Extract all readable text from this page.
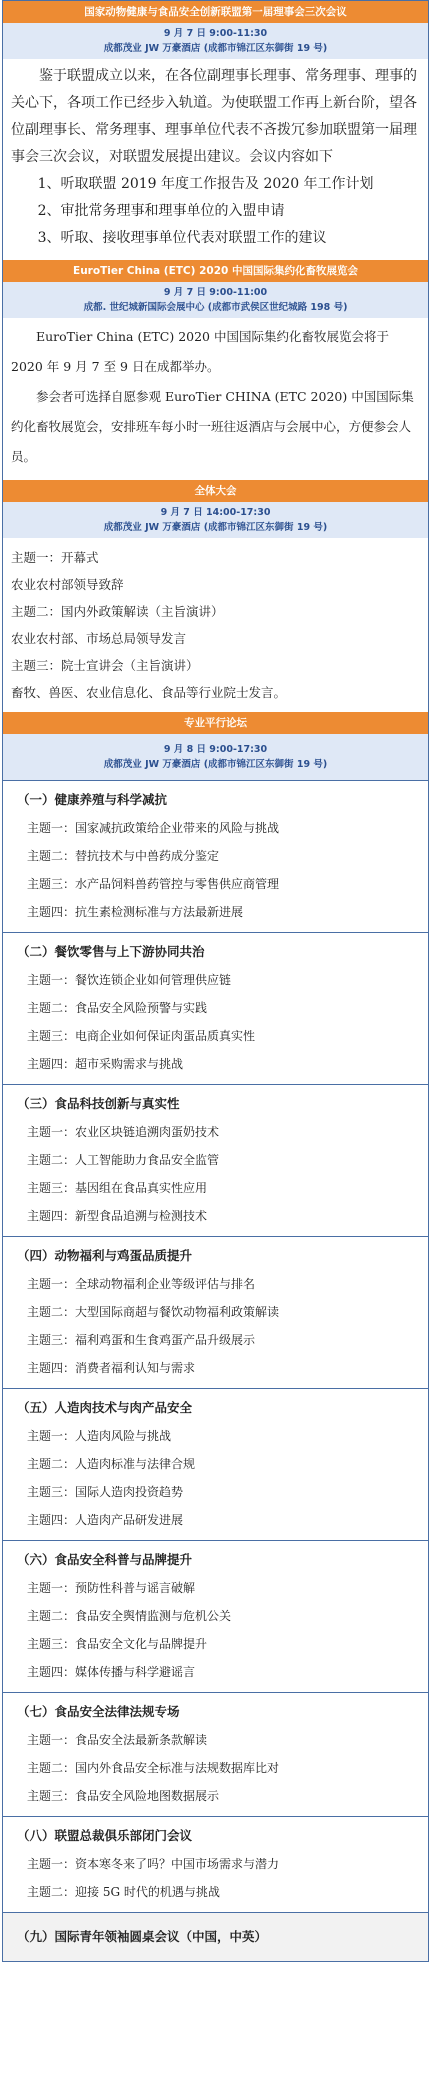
国家动物健康与食品安全创新联盟第一届理事会三次会议
9 月 7 日 9:00-11:30
成都茂业 JW 万豪酒店 (成都市锦江区东御街 19 号)
鉴于联盟成立以来，在各位副理事长理事、常务理事、理事的关心下，各项工作已经步入轨道。为使联盟工作再上新台阶，望各位副理事长、常务理事、理事单位代表不吝拨冗参加联盟第一届理事会三次会议，对联盟发展提出建议。会议内容如下
1、听取联盟 2019 年度工作报告及 2020 年工作计划
2、审批常务理事和理事单位的入盟申请
3、听取、接收理事单位代表对联盟工作的建议
EuroTier China (ETC) 2020 中国国际集约化畜牧展览会
9 月 7 日 9:00-11:00
成都. 世纪城新国际会展中心 (成都市武侯区世纪城路 198 号)
EuroTier China (ETC) 2020 中国国际集约化畜牧展览会将于 2020 年 9 月 7 至 9 日在成都举办。
参会者可选择自愿参观 EuroTier CHINA (ETC 2020) 中国国际集约化畜牧展览会，安排班车每小时一班往返酒店与会展中心，方便参会人员。
全体大会
9 月 7 日 14:00-17:30
成都茂业 JW 万豪酒店 (成都市锦江区东御街 19 号)
主题一：开幕式
农业农村部领导致辞
主题二：国内外政策解读（主旨演讲）
农业农村部、市场总局领导发言
主题三：院士宣讲会（主旨演讲）
畜牧、兽医、农业信息化、食品等行业院士发言。
专业平行论坛
9 月 8 日 9:00-17:30
成都茂业 JW 万豪酒店 (成都市锦江区东御街 19 号)
（一）健康养殖与科学减抗
主题一：国家减抗政策给企业带来的风险与挑战
主题二：替抗技术与中兽药成分鉴定
主题三：水产品饲料兽药管控与零售供应商管理
主题四：抗生素检测标准与方法最新进展
（二）餐饮零售与上下游协同共治
主题一：餐饮连锁企业如何管理供应链
主题二：食品安全风险预警与实践
主题三：电商企业如何保证肉蛋品质真实性
主题四：超市采购需求与挑战
（三）食品科技创新与真实性
主题一：农业区块链追溯肉蛋奶技术
主题二：人工智能助力食品安全监管
主题三：基因组在食品真实性应用
主题四：新型食品追溯与检测技术
（四）动物福利与鸡蛋品质提升
主题一：全球动物福利企业等级评估与排名
主题二：大型国际商超与餐饮动物福利政策解读
主题三：福利鸡蛋和生食鸡蛋产品升级展示
主题四：消费者福利认知与需求
（五）人造肉技术与肉产品安全
主题一：人造肉风险与挑战
主题二：人造肉标准与法律合规
主题三：国际人造肉投资趋势
主题四：人造肉产品研发进展
（六）食品安全科普与品牌提升
主题一：预防性科普与谣言破解
主题二：食品安全舆情监测与危机公关
主题三：食品安全文化与品牌提升
主题四：媒体传播与科学避谣言
（七）食品安全法律法规专场
主题一：食品安全法最新条款解读
主题二：国内外食品安全标准与法规数据库比对
主题三：食品安全风险地图数据展示
（八）联盟总裁俱乐部闭门会议
主题一：资本寒冬来了吗？中国市场需求与潜力
主题二：迎接 5G 时代的机遇与挑战
（九）国际青年领袖圆桌会议（中国，中英）
